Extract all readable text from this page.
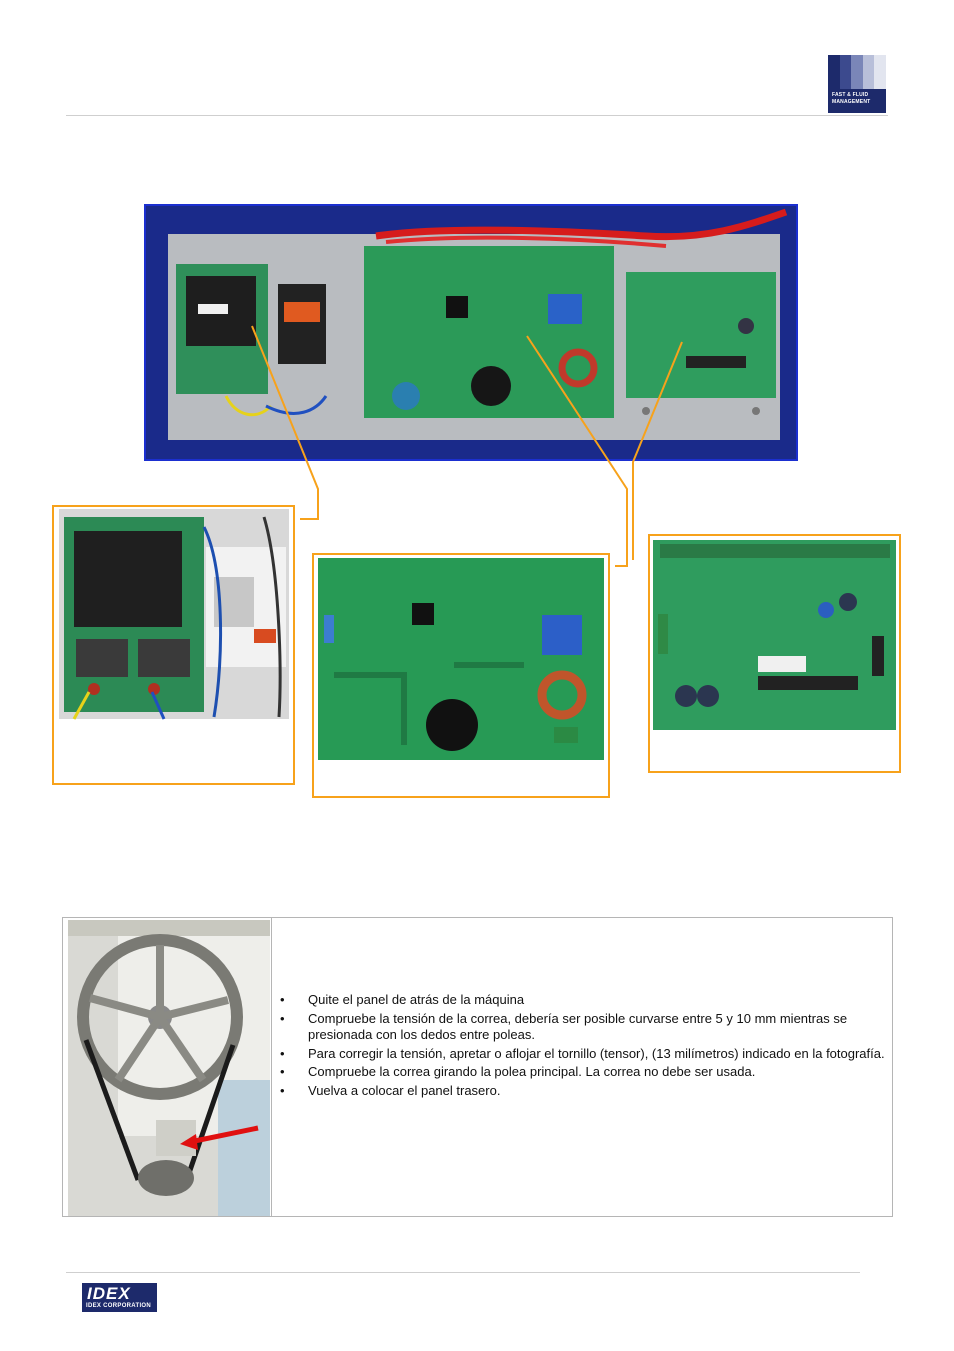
FAST & FLUID
MANAGEMENT
• Quite el panel de atrás de la máquina
• Compruebe la tensión de la correa, debería ser posible curvarse entre 5 y 10 mm mientras se presionada con los dedos entre poleas.
• Para corregir la tensión, apretar o aflojar el tornillo (tensor), (13 milímetros) indicado en la fotografía.
• Compruebe la correa girando la polea principal. La correa no debe ser usada.
• Vuelva a colocar el panel trasero.
IDEX
IDEX CORPORATION
